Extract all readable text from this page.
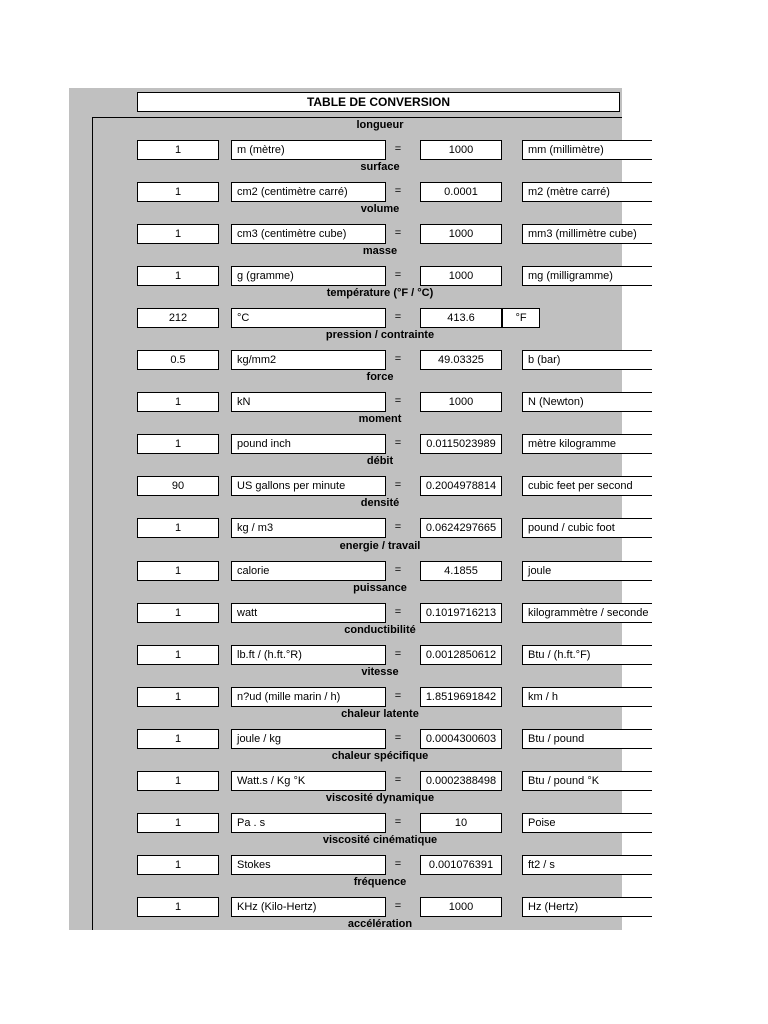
TABLE DE CONVERSION
longueur
1	m (mètre)	=	1000	mm (millimètre)
surface
1	cm2 (centimètre carré)	=	0.0001	m2 (mètre carré)
volume
1	cm3 (centimètre cube)	=	1000	mm3 (millimètre cube)
masse
1	g (gramme)	=	1000	mg (milligramme)
température (°F / °C)
212	°C	=	413.6	°F
pression / contrainte
0.5	kg/mm2	=	49.03325	b (bar)
force
1	kN	=	1000	N (Newton)
moment
1	pound inch	=	0.0115023989	mètre kilogramme
débit
90	US gallons per minute	=	0.2004978814	cubic feet per second
densité
1	kg / m3	=	0.0624297665	pound / cubic foot
energie / travail
1	calorie	=	4.1855	joule
puissance
1	watt	=	0.1019716213	kilogrammètre / seconde
conductibilité
1	lb.ft / (h.ft.°R)	=	0.0012850612	Btu / (h.ft.°F)
vitesse
1	n?ud (mille marin / h)	=	1.8519691842	km / h
chaleur latente
1	joule / kg	=	0.0004300603	Btu / pound
chaleur spécifique
1	Watt.s / Kg °K	=	0.0002388498	Btu / pound °K
viscosité dynamique
1	Pa . s	=	10	Poise
viscosité cinématique
1	Stokes	=	0.001076391	ft2 / s
fréquence
1	KHz (Kilo-Hertz)	=	1000	Hz (Hertz)
accélération
